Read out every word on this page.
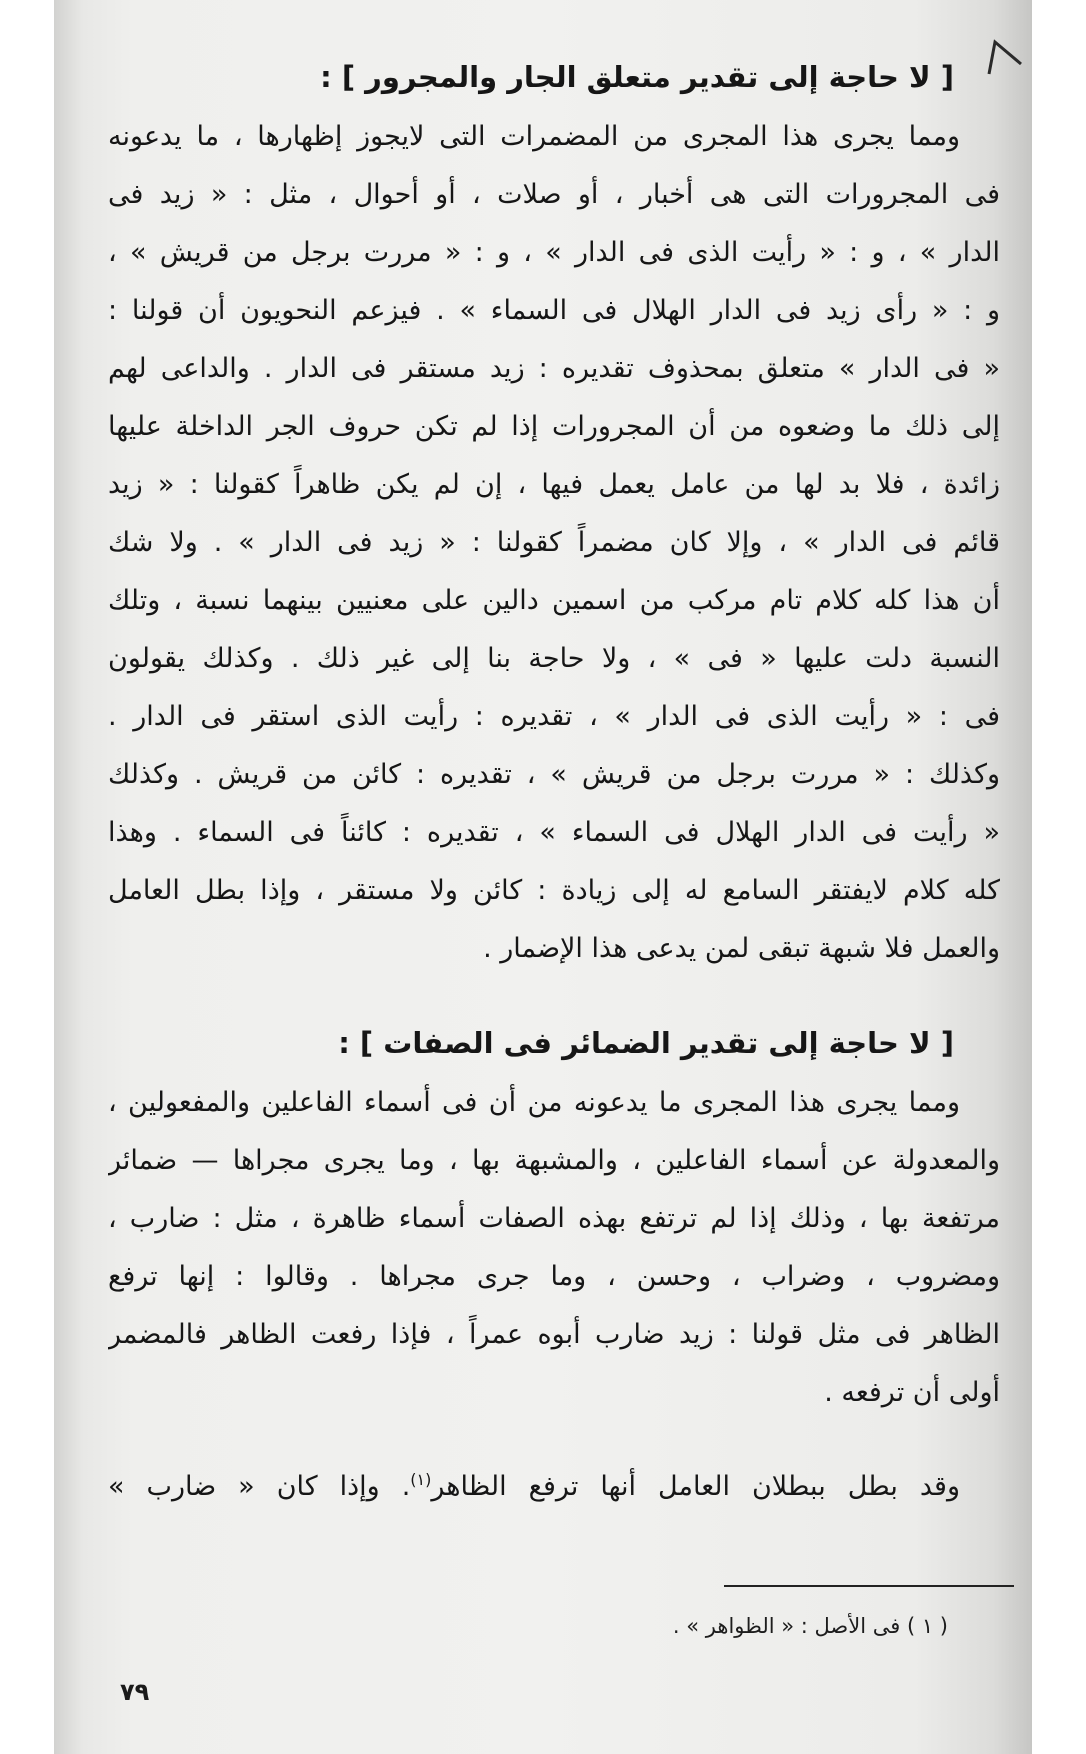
[ لا حاجة إلى تقدير متعلق الجار والمجرور ] :
ومما يجرى هذا المجرى من المضمرات التى لايجوز إظهارها ، ما يدعونه
فى المجرورات التى هى أخبار ، أو صلات ، أو أحوال ، مثل : « زيد فى
الدار » ، و : « رأيت الذى فى الدار » ، و : « مررت برجل من قريش » ،
و : « رأى زيد فى الدار الهلال فى السماء » . فيزعم النحويون أن قولنا :
« فى الدار » متعلق بمحذوف تقديره : زيد مستقر فى الدار . والداعى لهم
إلى ذلك ما وضعوه من أن المجرورات إذا لم تكن حروف الجر الداخلة عليها
زائدة ، فلا بد لها من عامل يعمل فيها ، إن لم يكن ظاهراً كقولنا : « زيد
قائم فى الدار » ، وإلا كان مضمراً كقولنا : « زيد فى الدار » . ولا شك
أن هذا كله كلام تام مركب من اسمين دالين على معنيين بينهما نسبة ، وتلك
النسبة دلت عليها « فى » ، ولا حاجة بنا إلى غير ذلك . وكذلك يقولون
فى : « رأيت الذى فى الدار » ، تقديره : رأيت الذى استقر فى الدار .
وكذلك : « مررت برجل من قريش » ، تقديره : كائن من قريش . وكذلك
« رأيت فى الدار الهلال فى السماء » ، تقديره : كائناً فى السماء . وهذا
كله كلام لايفتقر السامع له إلى زيادة : كائن ولا مستقر ، وإذا بطل العامل
والعمل فلا شبهة تبقى لمن يدعى هذا الإضمار .
[ لا حاجة إلى تقدير الضمائر فى الصفات ] :
ومما يجرى هذا المجرى ما يدعونه من أن فى أسماء الفاعلين والمفعولين ،
والمعدولة عن أسماء الفاعلين ، والمشبهة بها ، وما يجرى مجراها — ضمائر
مرتفعة بها ، وذلك إذا لم ترتفع بهذه الصفات أسماء ظاهرة ، مثل : ضارب ،
ومضروب ، وضراب ، وحسن ، وما جرى مجراها . وقالوا : إنها ترفع
الظاهر فى مثل قولنا : زيد ضارب أبوه عمراً ، فإذا رفعت الظاهر فالمضمر
أولى أن ترفعه .
وقد بطل ببطلان العامل أنها ترفع الظاهر$^{(١)}$. وإذا كان « ضارب »
( ١ ) فى الأصل : « الظواهر » .
٧٩
